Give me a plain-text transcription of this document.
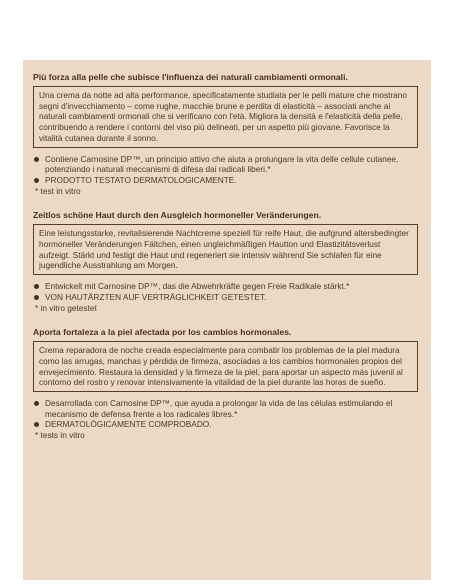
Più forza alla pelle che subisce l'influenza dei naturali cambiamenti ormonali.

Una crema da notte ad alta performance, specificatamente studiata per le pelli mature che mostrano segni d'invecchiamento – come rughe, macchie brune e perdita di elasticità – associati anche ai naturali cambiamenti ormonali che si verificano con l'età. Migliora la densità e l'elasticità della pelle, contribuendo a rendere i contorni del viso più delineati, per un aspetto più giovane. Favorisce la vitalità cutanea durante il sonno.
Contiene Carnosine DP™, un principio attivo che aiuta a prolungare la vita delle cellule cutanee, potenziando i naturali meccanismi di difesa dai radicali liberi.*
PRODOTTO TESTATO DERMATOLOGICAMENTE.
* test in vitro

Zeitlos schöne Haut durch den Ausgleich hormoneller Veränderungen.

Eine leistungsstarke, revitalisierende Nachtcreme speziell für reife Haut, die aufgrund altersbedingter hormoneller Veränderungen Fältchen, einen ungleichmäßigen Hautton und Elastizitätsverlust aufzeigt. Stärkt und festigt die Haut und regeneriert sie intensiv während Sie schlafen für eine jugendliche Ausstrahlung am Morgen.
Entwickelt mit Carnosine DP™, das die Abwehrkräfte gegen Freie Radikale stärkt.*
VON HAUTÄRZTEN AUF VERTRÄGLICHKEIT GETESTET.
* in vitro getestet

Aporta fortaleza a la piel afectada por los cambios hormonales.

Crema reparadora de noche creada especialmente para combatir los problemas de la piel madura como las arrugas, manchas y pérdida de firmeza, asociadas a los cambios hormonales propios del envejecimiento. Restaura la densidad y la firmeza de la piel, para aportar un aspecto más juvenil al contorno del rostro y renovar intensivamente la vitalidad de la piel durante las horas de sueño.
Desarrollada con Carnosine DP™, que ayuda a prolongar la vida de las células estimulando el mecanismo de defensa frente a los radicales libres.*
DERMATOLÓGICAMENTE COMPROBADO.
* tests in vitro
